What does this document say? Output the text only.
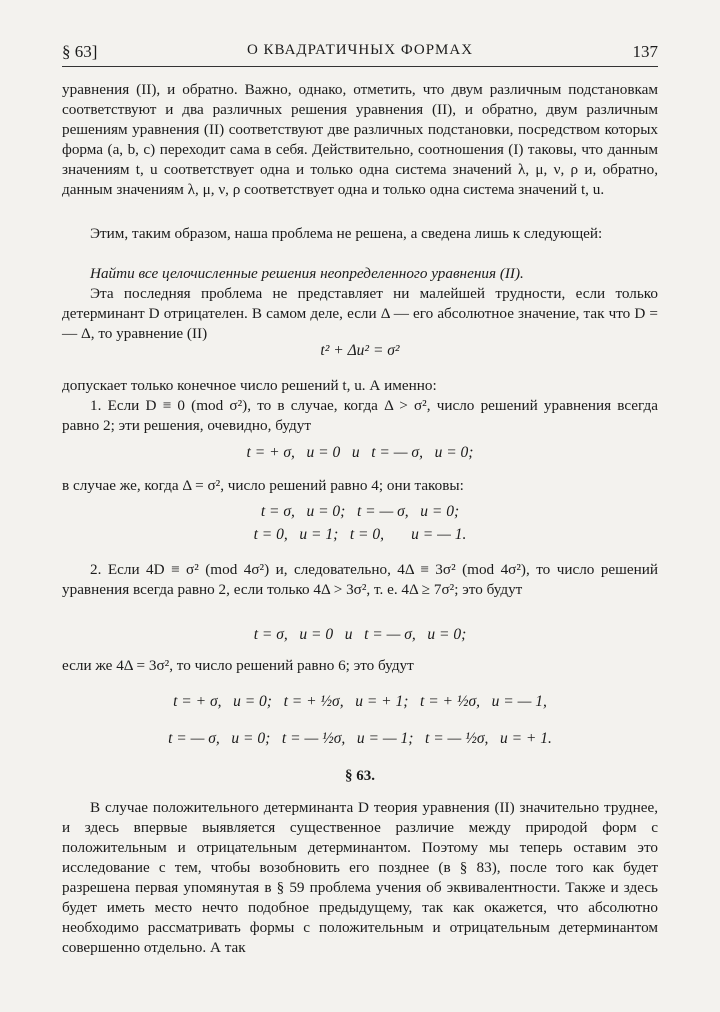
§ 63]	О КВАДРАТИЧНЫХ ФОРМАХ	137
уравнения (II), и обратно. Важно, однако, отметить, что двум различным подстановкам соответствуют и два различных решения уравнения (II), и обратно, двум различным решениям уравнения (II) соответствуют две различных подстановки, посредством которых форма (a, b, c) переходит сама в себя. Действительно, соотношения (I) таковы, что данным значениям t, u соответствует одна и только одна система значений λ, μ, ν, ρ и, обратно, данным значениям λ, μ, ν, ρ соответствует одна и только одна система значений t, u.
Этим, таким образом, наша проблема не решена, а сведена лишь к следующей:
Найти все целочисленные решения неопределенного уравнения (II).
Эта последняя проблема не представляет ни малейшей трудности, если только детерминант D отрицателен. В самом деле, если Δ — его абсолютное значение, так что D = — Δ, то уравнение (II)
t² + Δu² = σ²
допускает только конечное число решений t, u. А именно:
1. Если D ≡ 0 (mod σ²), то в случае, когда Δ > σ², число решений уравнения всегда равно 2; эти решения, очевидно, будут
t = + σ,   u = 0   и   t = — σ,   u = 0;
в случае же, когда Δ = σ², число решений равно 4; они таковы:
t = σ,   u = 0;   t = — σ,   u = 0;
t = 0,   u = 1;   t = 0,       u = — 1.
2. Если 4D ≡ σ² (mod 4σ²) и, следовательно, 4Δ ≡ 3σ² (mod 4σ²), то число решений уравнения всегда равно 2, если только 4Δ > 3σ², т. е. 4Δ ≥ 7σ²; это будут
t = σ,   u = 0   и   t = — σ,   u = 0;
если же 4Δ = 3σ², то число решений равно 6; это будут
t = + σ,   u = 0;   t = + ½σ,   u = + 1;   t = + ½σ,   u = — 1,
t = — σ,   u = 0;   t = — ½σ,   u = — 1;   t = — ½σ,   u = + 1.
§ 63.
В случае положительного детерминанта D теория уравнения (II) значительно труднее, и здесь впервые выявляется существенное различие между природой форм с положительным и отрицательным детерминантом. Поэтому мы теперь оставим это исследование с тем, чтобы возобновить его позднее (в § 83), после того как будет разрешена первая упомянутая в § 59 проблема учения об эквивалентности. Также и здесь будет иметь место нечто подобное предыдущему, так как окажется, что абсолютно необходимо рассматривать формы с положительным и отрицательным детерминантом совершенно отдельно. А так
